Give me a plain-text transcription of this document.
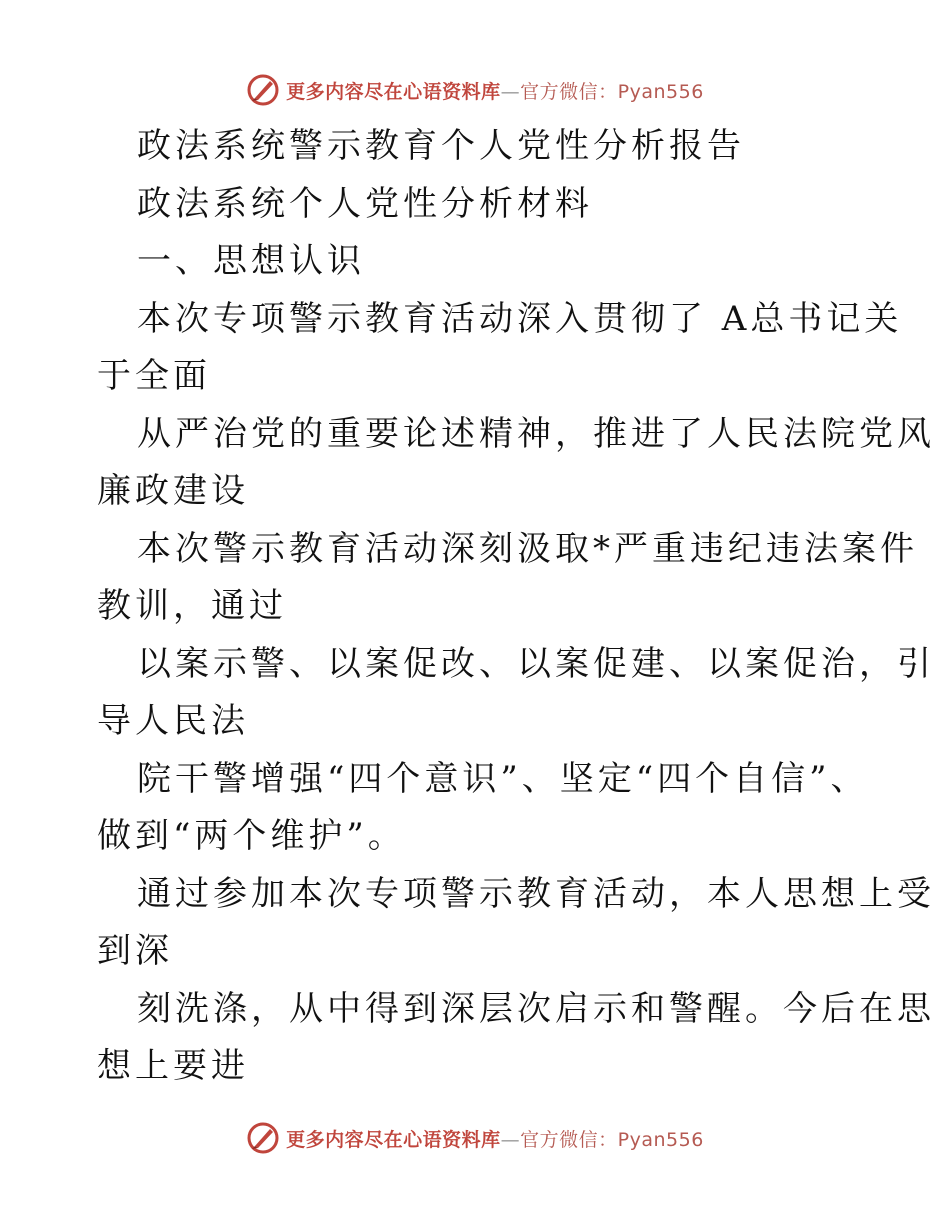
更多内容尽在心语资料库—官方微信：Pyan556
政法系统警示教育个人党性分析报告
政法系统个人党性分析材料
一、思想认识
本次专项警示教育活动深入贯彻了 A总书记关
于全面
从严治党的重要论述精神，推进了人民法院党风
廉政建设
本次警示教育活动深刻汲取*严重违纪违法案件
教训，通过
以案示警、以案促改、以案促建、以案促治，引
导人民法
院干警增强“四个意识”、坚定“四个自信”、
做到“两个维护”。
通过参加本次专项警示教育活动，本人思想上受
到深
刻洗涤，从中得到深层次启示和警醒。今后在思
想上要进
更多内容尽在心语资料库—官方微信：Pyan556
